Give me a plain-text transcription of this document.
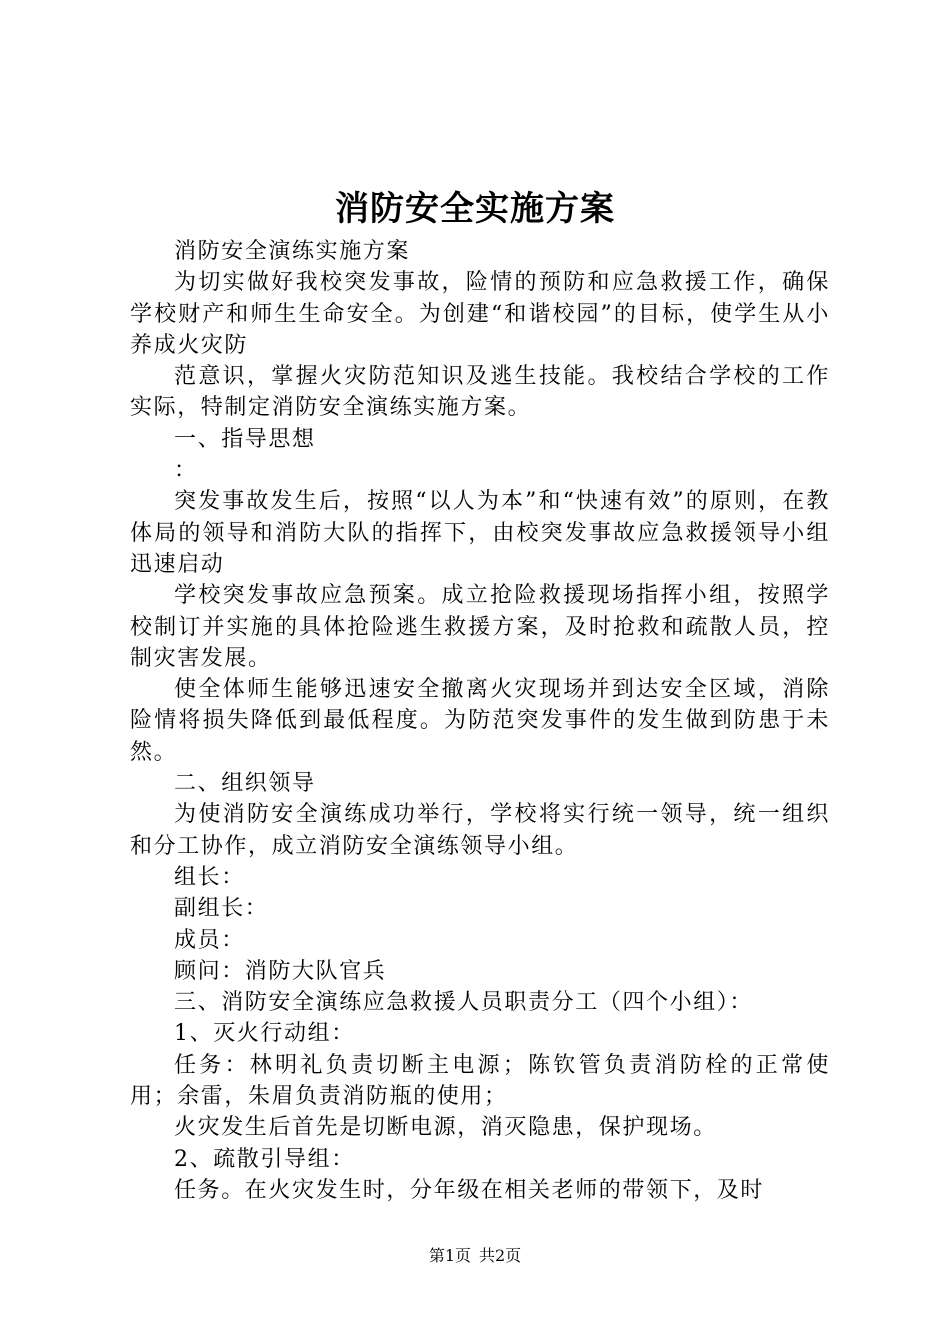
消防安全实施方案

消防安全演练实施方案

为切实做好我校突发事故，险情的预防和应急救援工作，确保学校财产和师生生命安全。为创建“和谐校园”的目标，使学生从小养成火灾防

范意识，掌握火灾防范知识及逃生技能。我校结合学校的工作实际，特制定消防安全演练实施方案。

一、指导思想

：

突发事故发生后，按照“以人为本”和“快速有效”的原则，在教体局的领导和消防大队的指挥下，由校突发事故应急救援领导小组迅速启动

学校突发事故应急预案。成立抢险救援现场指挥小组，按照学校制订并实施的具体抢险逃生救援方案，及时抢救和疏散人员，控制灾害发展。

使全体师生能够迅速安全撤离火灾现场并到达安全区域，消除险情将损失降低到最低程度。为防范突发事件的发生做到防患于未然。

二、组织领导

为使消防安全演练成功举行，学校将实行统一领导，统一组织和分工协作，成立消防安全演练领导小组。

组长：

副组长：

成员：

顾问：消防大队官兵

三、消防安全演练应急救援人员职责分工（四个小组）：

1、灭火行动组：

任务：林明礼负责切断主电源；陈钦管负责消防栓的正常使用；余雷，朱眉负责消防瓶的使用；

火灾发生后首先是切断电源，消灭隐患，保护现场。

2、疏散引导组：

任务。在火灾发生时，分年级在相关老师的带领下，及时

第1页 共2页
